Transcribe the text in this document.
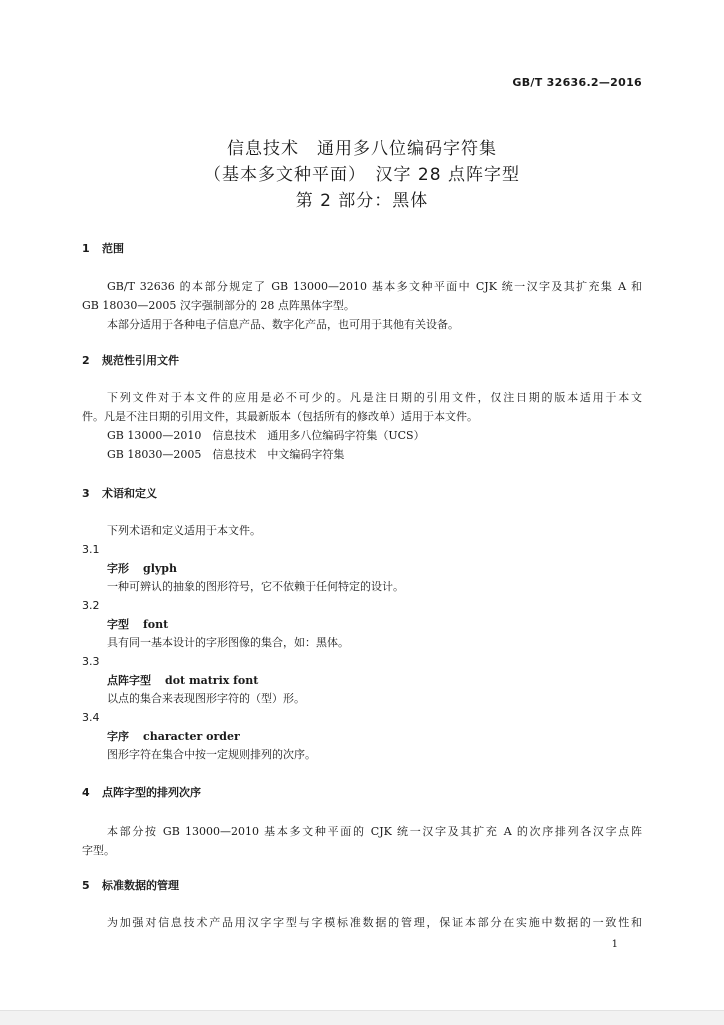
GB/T 32636.2—2016
信息技术　通用多八位编码字符集
（基本多文种平面）　汉字 28 点阵字型
第 2 部分：黑体
1 范围
GB/T 32636 的本部分规定了 GB 13000—2010 基本多文种平面中 CJK 统一汉字及其扩充集 A 和
GB 18030—2005 汉字强制部分的 28 点阵黑体字型。
本部分适用于各种电子信息产品、数字化产品，也可用于其他有关设备。
2 规范性引用文件
下列文件对于本文件的应用是必不可少的。凡是注日期的引用文件，仅注日期的版本适用于本文
件。凡是不注日期的引用文件，其最新版本（包括所有的修改单）适用于本文件。
GB 13000—2010　信息技术　通用多八位编码字符集（UCS）
GB 18030—2005　信息技术　中文编码字符集
3 术语和定义
下列术语和定义适用于本文件。
3.1
字形 glyph
一种可辨认的抽象的图形符号，它不依赖于任何特定的设计。
3.2
字型 font
具有同一基本设计的字形图像的集合，如：黑体。
3.3
点阵字型 dot matrix font
以点的集合来表现图形字符的（型）形。
3.4
字序 character order
图形字符在集合中按一定规则排列的次序。
4 点阵字型的排列次序
本部分按 GB 13000—2010 基本多文种平面的 CJK 统一汉字及其扩充 A 的次序排列各汉字点阵
字型。
5 标准数据的管理
为加强对信息技术产品用汉字字型与字模标准数据的管理，保证本部分在实施中数据的一致性和
1
